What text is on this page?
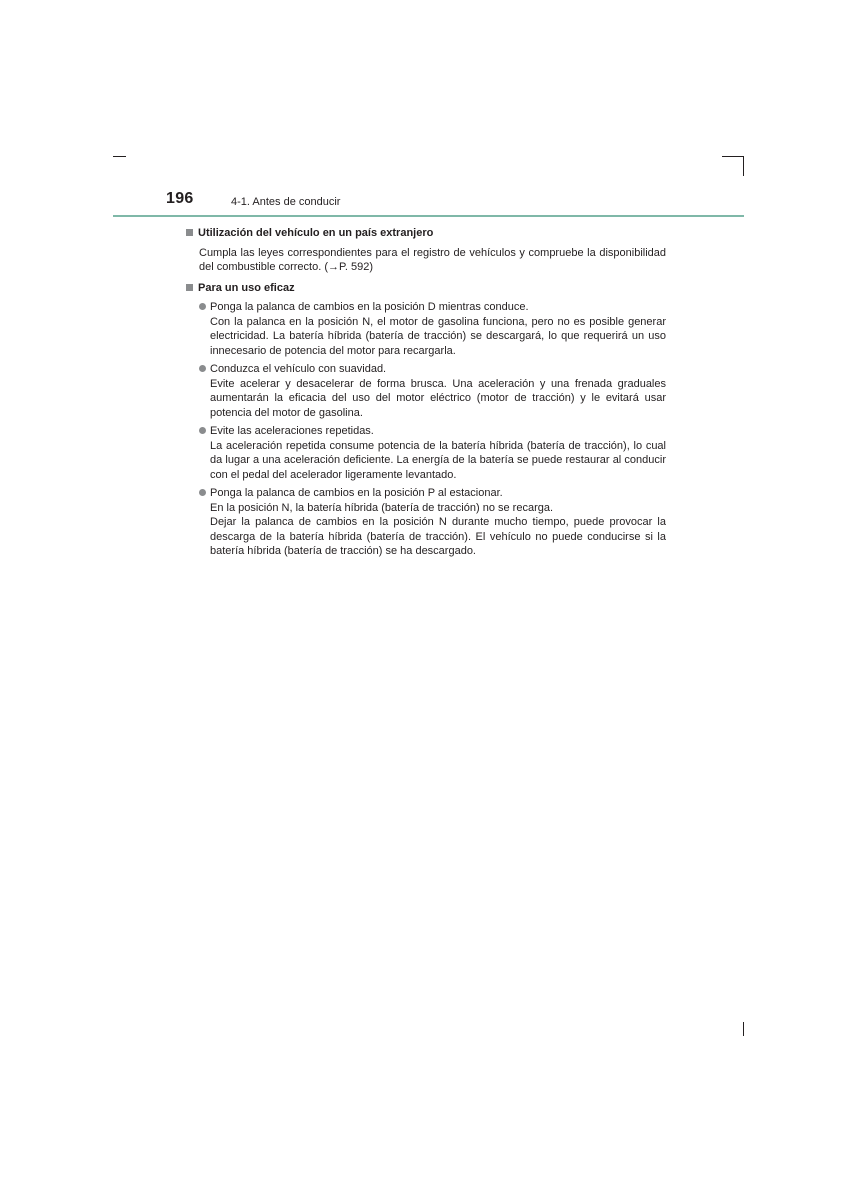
196	4-1. Antes de conducir
Utilización del vehículo en un país extranjero
Cumpla las leyes correspondientes para el registro de vehículos y compruebe la disponibilidad del combustible correcto. (→P. 592)
Para un uso eficaz
Ponga la palanca de cambios en la posición D mientras conduce.
Con la palanca en la posición N, el motor de gasolina funciona, pero no es posible generar electricidad. La batería híbrida (batería de tracción) se descargará, lo que requerirá un uso innecesario de potencia del motor para recargarla.
Conduzca el vehículo con suavidad.
Evite acelerar y desacelerar de forma brusca. Una aceleración y una frenada graduales aumentarán la eficacia del uso del motor eléctrico (motor de tracción) y le evitará usar potencia del motor de gasolina.
Evite las aceleraciones repetidas.
La aceleración repetida consume potencia de la batería híbrida (batería de tracción), lo cual da lugar a una aceleración deficiente. La energía de la batería se puede restaurar al conducir con el pedal del acelerador ligeramente levantado.
Ponga la palanca de cambios en la posición P al estacionar.
En la posición N, la batería híbrida (batería de tracción) no se recarga.
Dejar la palanca de cambios en la posición N durante mucho tiempo, puede provocar la descarga de la batería híbrida (batería de tracción). El vehículo no puede conducirse si la batería híbrida (batería de tracción) se ha descargado.
